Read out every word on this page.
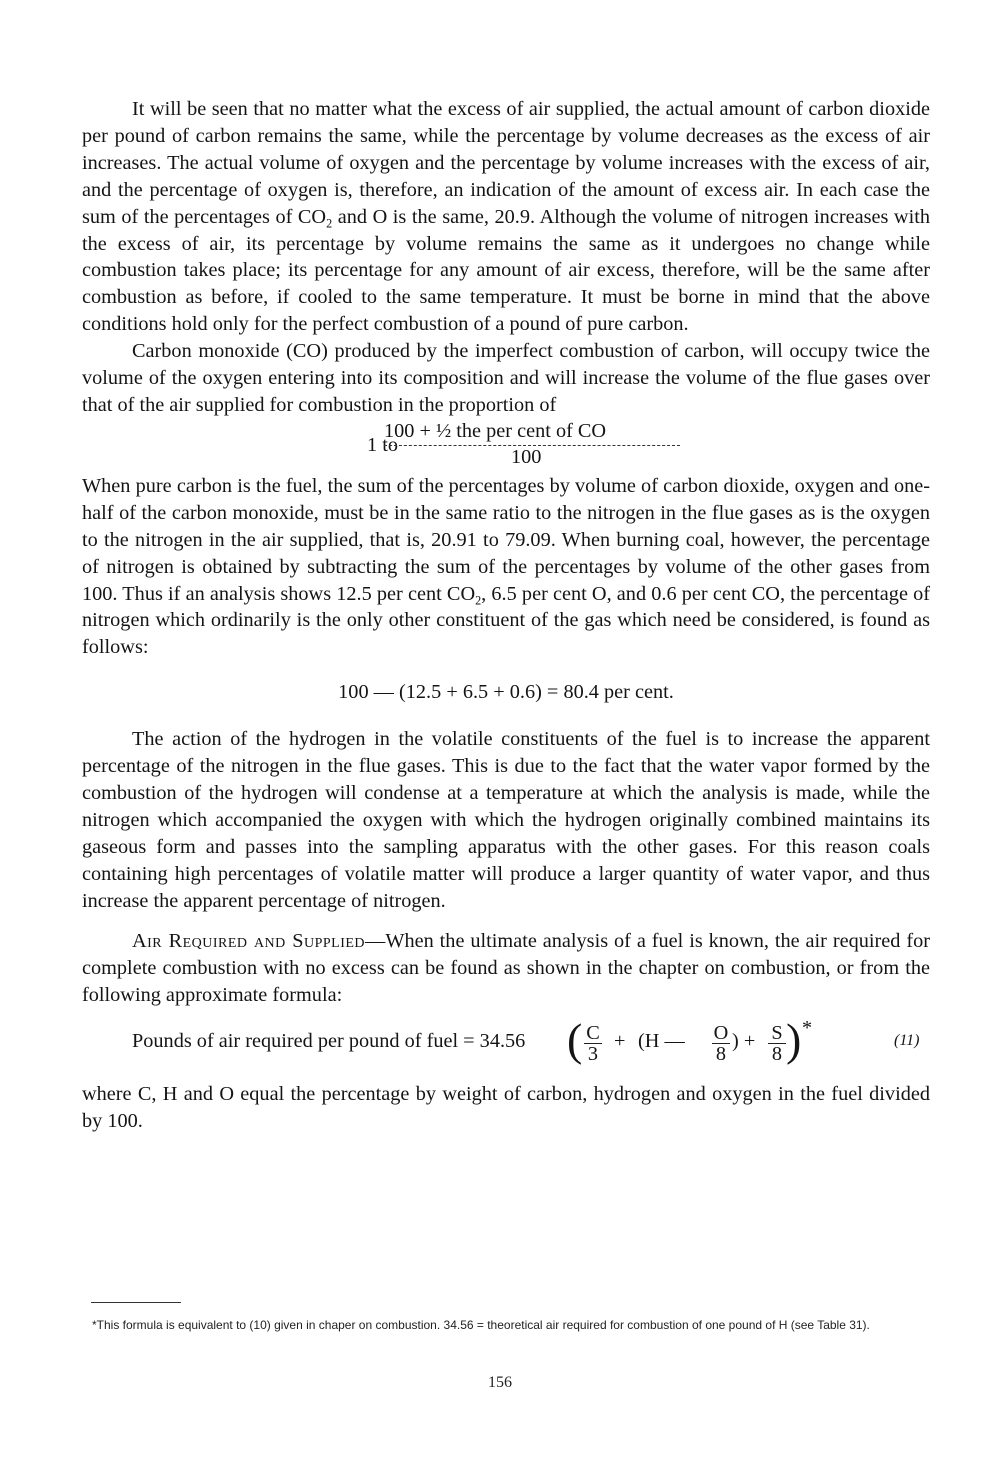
It will be seen that no matter what the excess of air supplied, the actual amount of carbon dioxide per pound of carbon remains the same, while the percentage by volume decreases as the excess of air increases. The actual volume of oxygen and the percentage by volume increases with the excess of air, and the percentage of oxygen is, therefore, an indication of the amount of excess air. In each case the sum of the percentages of $CO_2$ and O is the same, 20.9. Although the volume of nitrogen increases with the excess of air, its percentage by volume remains the same as it undergoes no change while combustion takes place; its percentage for any amount of air excess, therefore, will be the same after combustion as before, if cooled to the same temperature. It must be borne in mind that the above conditions hold only for the perfect combustion of a pound of pure carbon.

Carbon monoxide (CO) produced by the imperfect combustion of carbon, will occupy twice the volume of the oxygen entering into its composition and will increase the volume of the flue gases over that of the air supplied for combustion in the proportion of

1 to
100 + ½ the per cent of CO
100

When pure carbon is the fuel, the sum of the percentages by volume of carbon dioxide, oxygen and one-half of the carbon monoxide, must be in the same ratio to the nitrogen in the flue gases as is the oxygen to the nitrogen in the air supplied, that is, 20.91 to 79.09. When burning coal, however, the percentage of nitrogen is obtained by subtracting the sum of the percentages by volume of the other gases from 100. Thus if an analysis shows 12.5 per cent $CO_2$, 6.5 per cent O, and 0.6 per cent CO, the percentage of nitrogen which ordinarily is the only other constituent of the gas which need be considered, is found as follows:

100 — (12.5 + 6.5 + 0.6) = 80.4 per cent.

The action of the hydrogen in the volatile constituents of the fuel is to increase the apparent percentage of the nitrogen in the flue gases. This is due to the fact that the water vapor formed by the combustion of the hydrogen will condense at a temperature at which the analysis is made, while the nitrogen which accompanied the oxygen with which the hydrogen originally combined maintains its gaseous form and passes into the sampling apparatus with the other gases. For this reason coals containing high percentages of volatile matter will produce a larger quantity of water vapor, and thus increase the apparent percentage of nitrogen.

Air Required and Supplied—When the ultimate analysis of a fuel is known, the air required for complete combustion with no excess can be found as shown in the chapter on combustion, or from the following approximate formula:

Pounds of air required per pound of fuel = 34.56 ( $\frac{C}{3} + (H$ — $\frac{O}{8}$ ) + $\frac{S}{8}$ ) *
(11)

where C, H and O equal the percentage by weight of carbon, hydrogen and oxygen in the fuel divided by 100.

*This formula is equivalent to (10) given in chaper on combustion. 34.56 = theoretical air required for combustion of one pound of H (see Table 31).
156
